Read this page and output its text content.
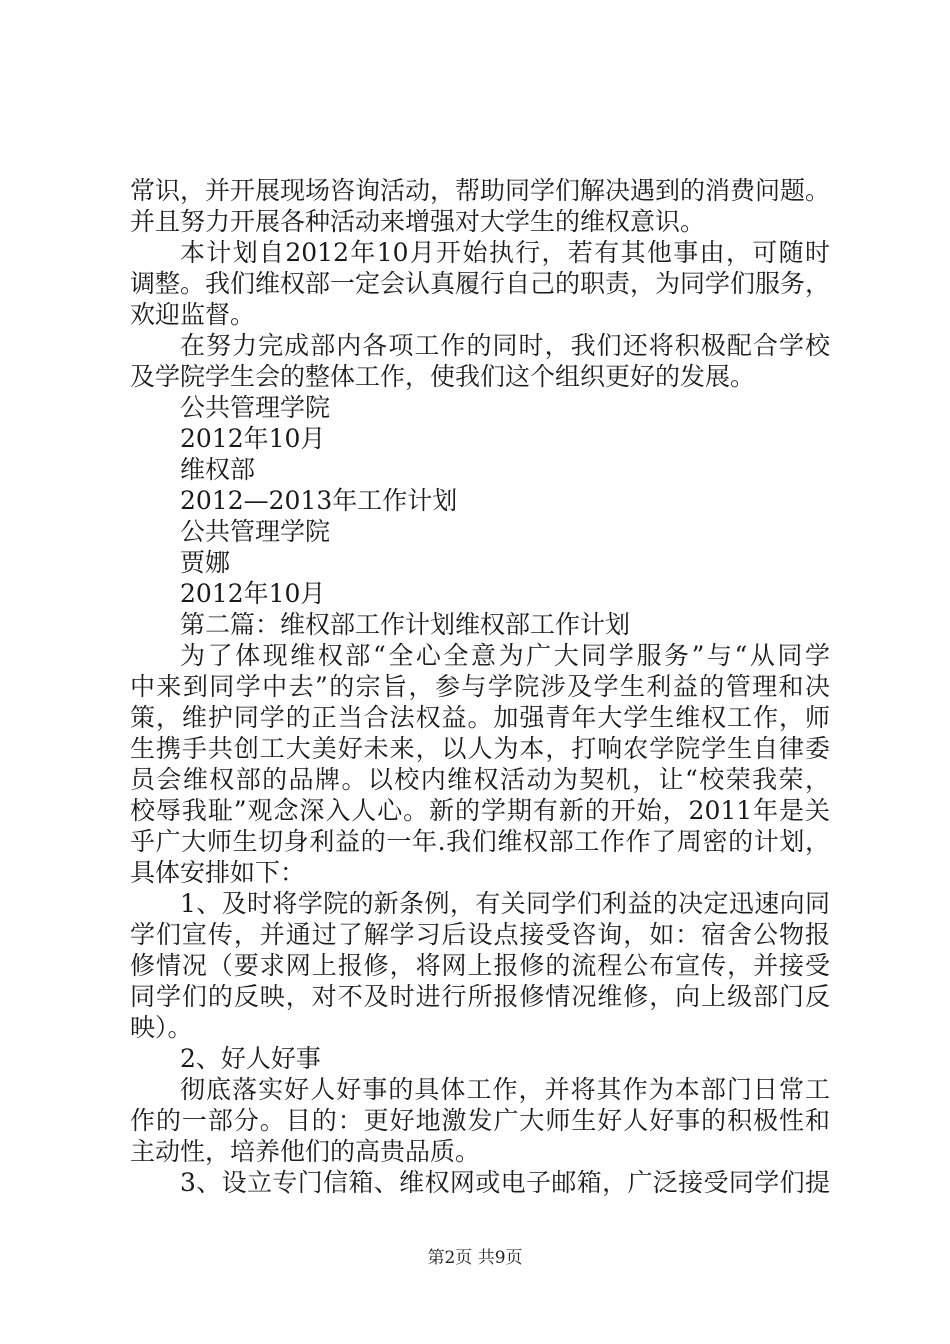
常识，并开展现场咨询活动，帮助同学们解决遇到的消费问题。
并且努力开展各种活动来增强对大学生的维权意识。
本计划自2012年10月开始执行，若有其他事由，可随时
调整。我们维权部一定会认真履行自己的职责，为同学们服务，
欢迎监督。
在努力完成部内各项工作的同时，我们还将积极配合学校
及学院学生会的整体工作，使我们这个组织更好的发展。
公共管理学院
2012年10月
维权部
2012—2013年工作计划
公共管理学院
贾娜
2012年10月
第二篇：维权部工作计划维权部工作计划
为了体现维权部“全心全意为广大同学服务”与“从同学
中来到同学中去”的宗旨，参与学院涉及学生利益的管理和决
策，维护同学的正当合法权益。加强青年大学生维权工作，师
生携手共创工大美好未来，以人为本，打响农学院学生自律委
员会维权部的品牌。以校内维权活动为契机，让“校荣我荣，
校辱我耻”观念深入人心。新的学期有新的开始，2011年是关
乎广大师生切身利益的一年.我们维权部工作作了周密的计划，
具体安排如下：
1、及时将学院的新条例，有关同学们利益的决定迅速向同
学们宣传，并通过了解学习后设点接受咨询，如：宿舍公物报
修情况（要求网上报修，将网上报修的流程公布宣传，并接受
同学们的反映，对不及时进行所报修情况维修，向上级部门反
映）。
2、好人好事
彻底落实好人好事的具体工作，并将其作为本部门日常工
作的一部分。目的：更好地激发广大师生好人好事的积极性和
主动性，培养他们的高贵品质。
3、设立专门信箱、维权网或电子邮箱，广泛接受同学们提
第2页 共9页
